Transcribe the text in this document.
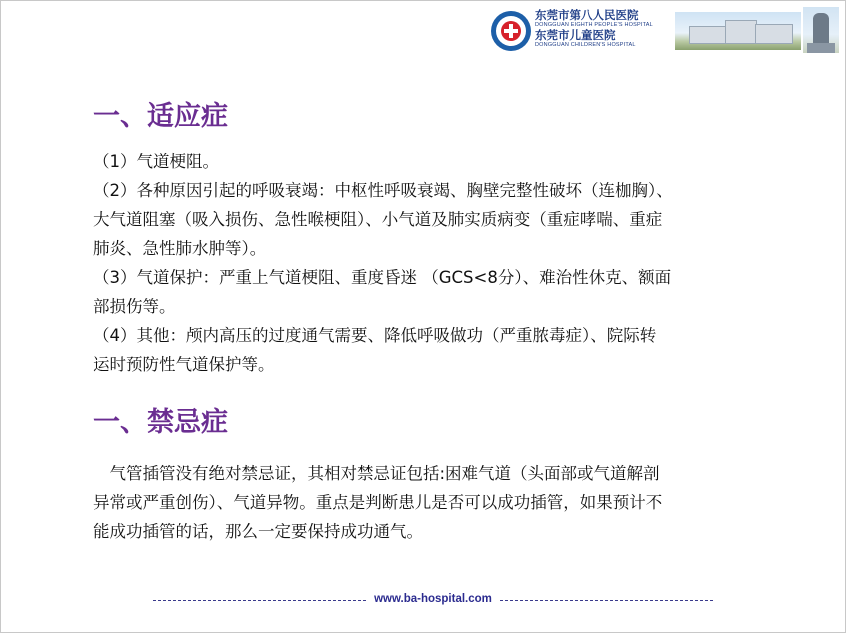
东莞市第八人民医院
DONGGUAN EIGHTH PEOPLE'S HOSPITAL
东莞市儿童医院
DONGGUAN CHILDREN'S HOSPITAL
一、适应症
（1）气道梗阻。
（2）各种原因引起的呼吸衰竭：中枢性呼吸衰竭、胸壁完整性破坏（连枷胸）、
大气道阻塞（吸入损伤、急性喉梗阻）、小气道及肺实质病变（重症哮喘、重症
肺炎、急性肺水肿等）。
（3）气道保护：严重上气道梗阻、重度昏迷 （GCS<8分）、难治性休克、额面
部损伤等。
（4）其他：颅内高压的过度通气需要、降低呼吸做功（严重脓毒症）、院际转
运时预防性气道保护等。
一、禁忌症
　气管插管没有绝对禁忌证，其相对禁忌证包括:困难气道（头面部或气道解剖
异常或严重创伤）、气道异物。重点是判断患儿是否可以成功插管，如果预计不
能成功插管的话，那么一定要保持成功通气。
www.ba-hospital.com
